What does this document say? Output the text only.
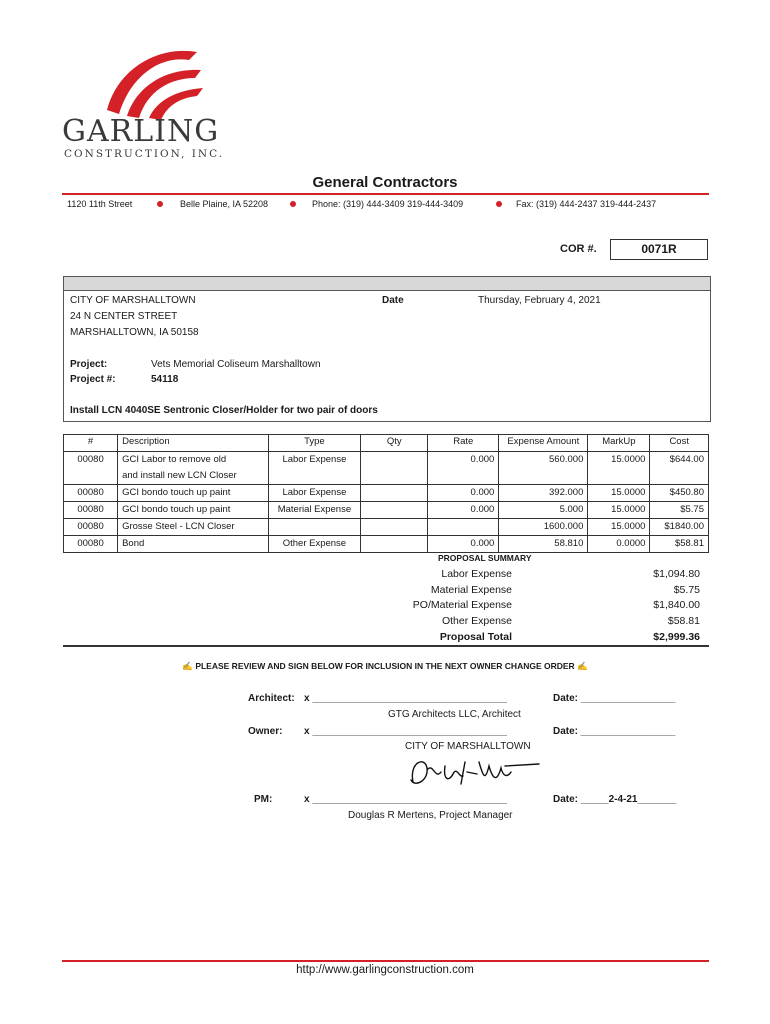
GARLING
CONSTRUCTION, INC.
General Contractors
1120 11th Street	Belle Plaine, IA 52208	Phone: (319) 444-3409 319-444-3409	Fax: (319) 444-2437 319-444-2437
COR #.	0071R
CITY OF MARSHALLTOWN
24 N CENTER STREET
MARSHALLTOWN, IA 50158
Date	Thursday, February 4, 2021
Project:	Vets Memorial Coliseum Marshalltown
Project #:	54118
Install LCN 4040SE Sentronic Closer/Holder for two pair of doors
#	Description	Type	Qty	Rate	Expense Amount	MarkUp	Cost
00080	GCI Labor to remove old	Labor Expense		0.000	560.000	15.0000	$644.00
	and install new LCN Closer						
00080	GCI bondo touch up paint	Labor Expense		0.000	392.000	15.0000	$450.80
00080	GCI bondo touch up paint	Material Expense		0.000	5.000	15.0000	$5.75
00080	Grosse Steel - LCN Closer				1600.000	15.0000	$1840.00
00080	Bond	Other Expense		0.000	58.810	0.0000	$58.81
PROPOSAL SUMMARY
Labor Expense	$1,094.80
Material Expense	$5.75
PO/Material Expense	$1,840.00
Other Expense	$58.81
Proposal Total	$2,999.36
✍ PLEASE REVIEW AND SIGN BELOW FOR INCLUSION IN THE NEXT OWNER CHANGE ORDER ✍
Architect: x ___________________________________	Date: _________________
GTG Architects LLC, Architect
Owner: x ___________________________________	Date: _________________
CITY OF MARSHALLTOWN
PM:	x ___________________________________	Date: _____2-4-21_______
Douglas R Mertens, Project Manager
http://www.garlingconstruction.com
